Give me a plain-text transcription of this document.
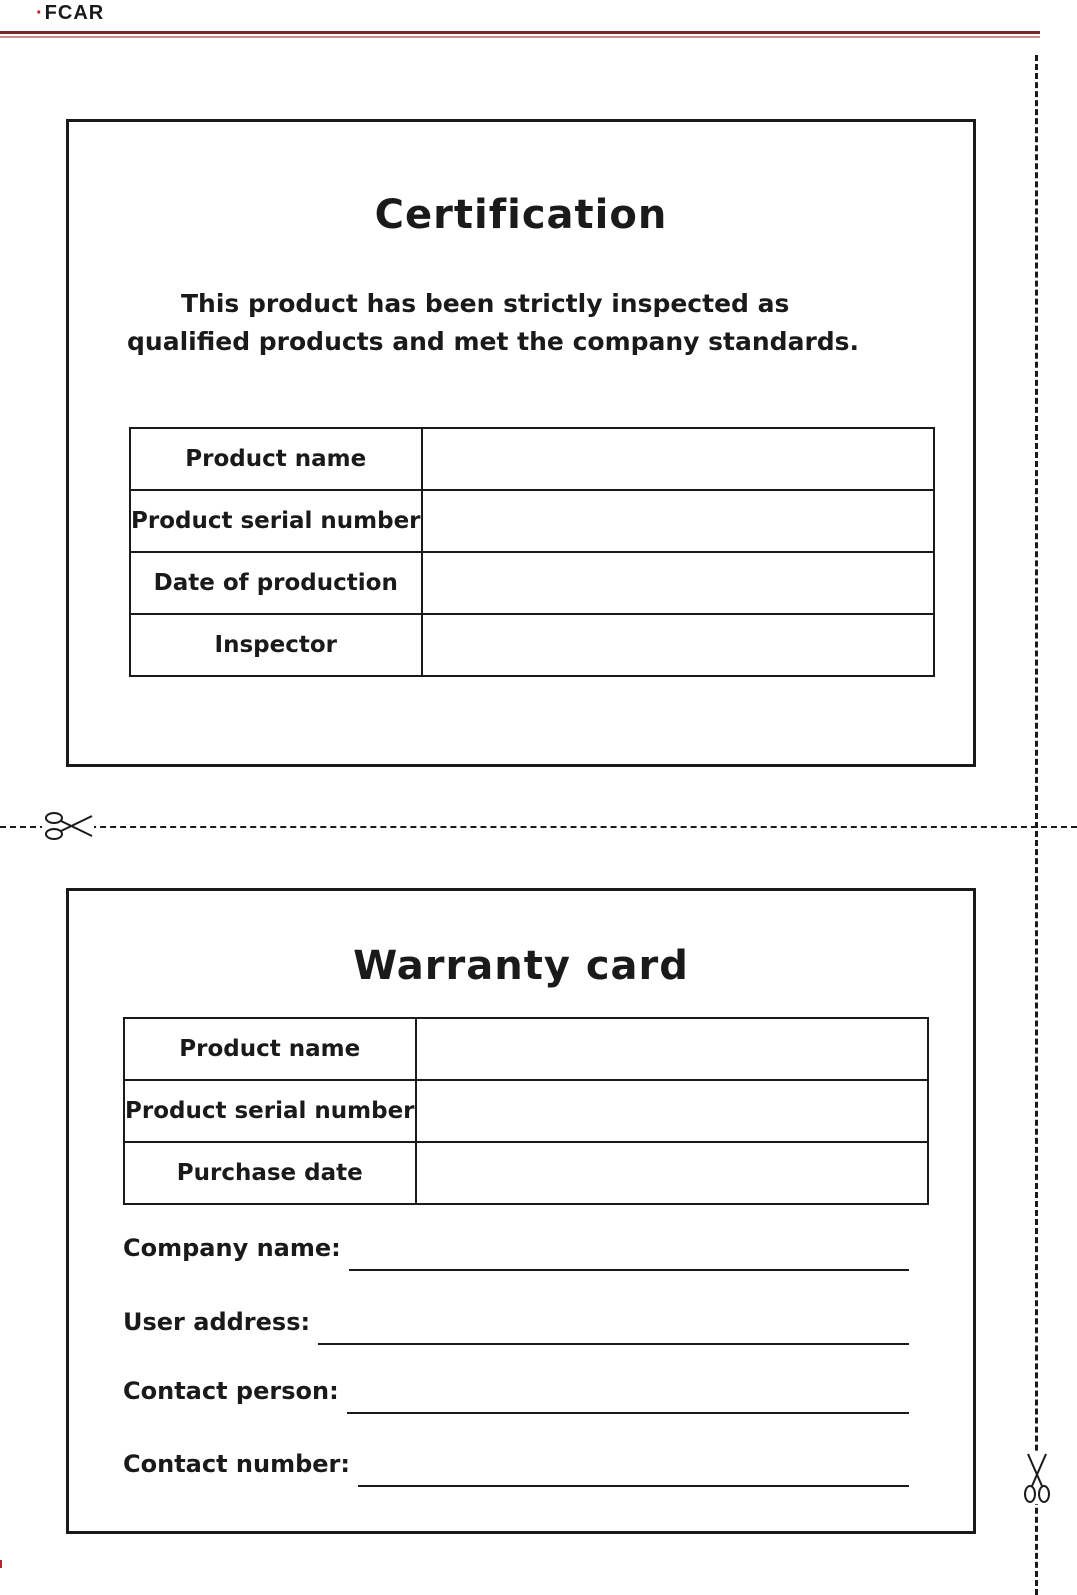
·FCAR
Certification
This product has been strictly inspected as qualified products and met the company standards.
Product name	
Product serial number	
Date of production	
Inspector	
Warranty card
Product name	
Product serial number	
Purchase date	
Company name:
User address:
Contact person:
Contact number:
